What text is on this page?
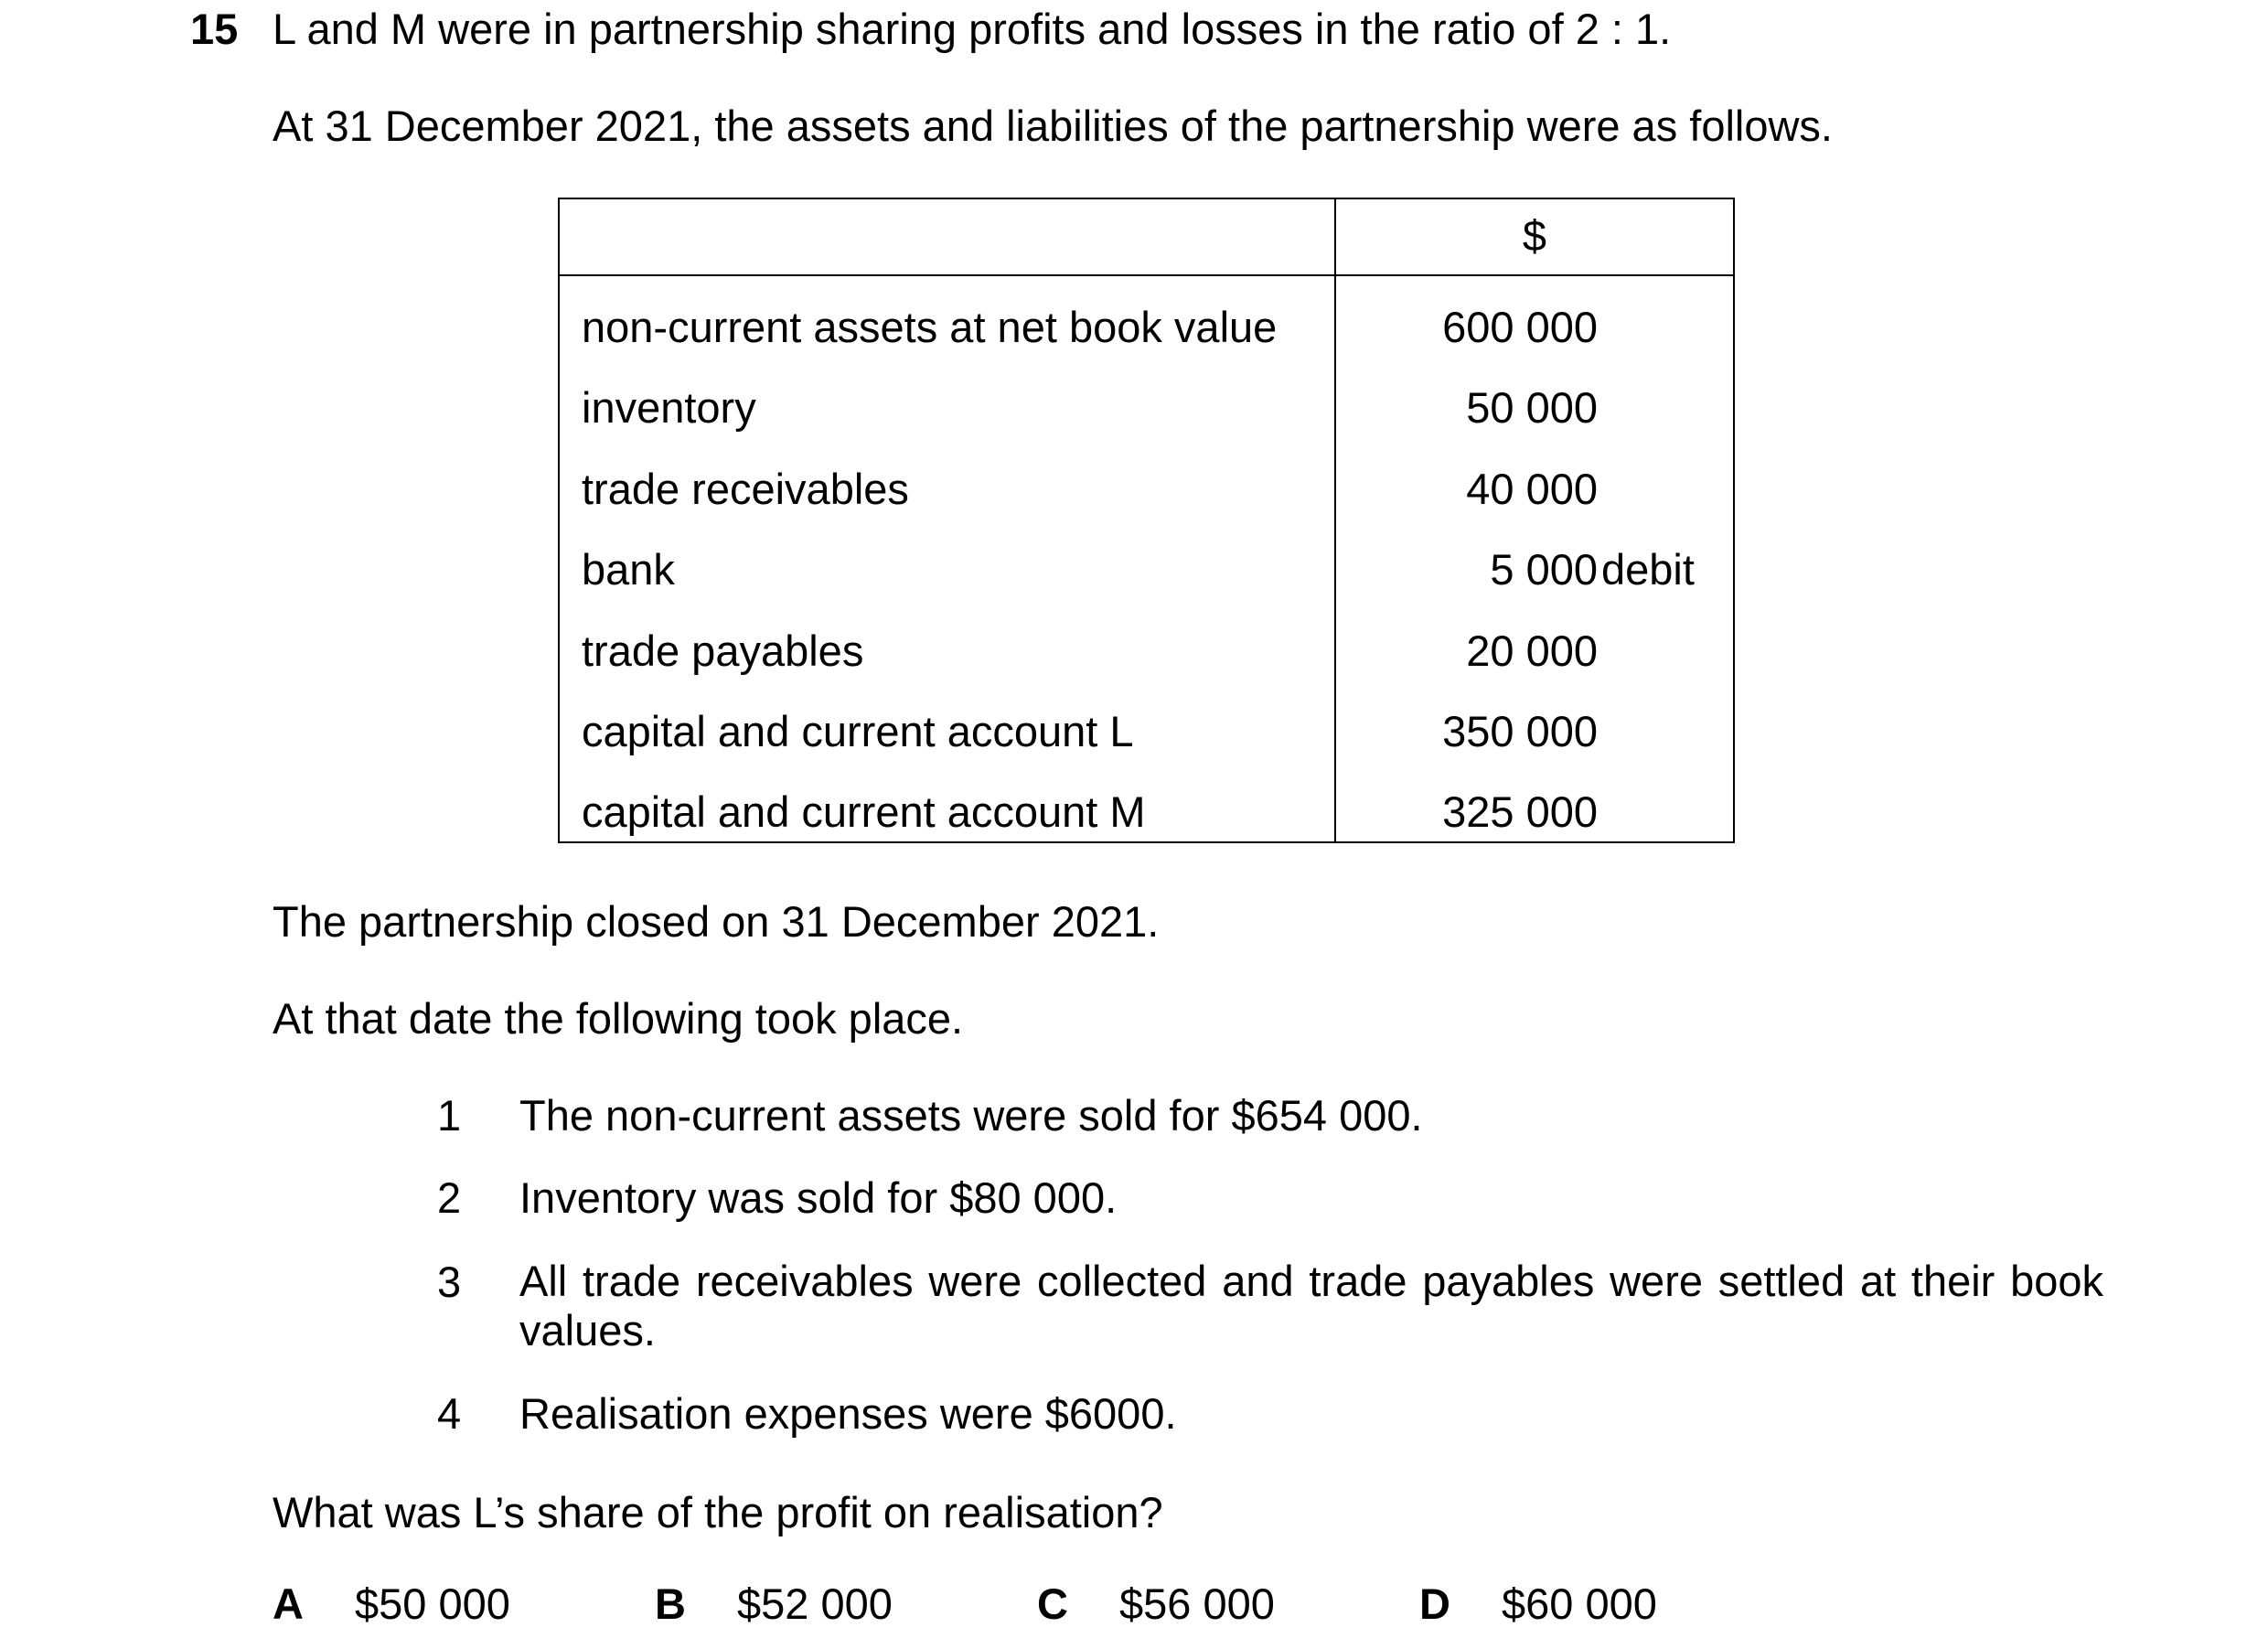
15 L and M were in partnership sharing profits and losses in the ratio of 2 : 1.
At 31 December 2021, the assets and liabilities of the partnership were as follows.
$
non-current assets at net book value	600 000
inventory	50 000
trade receivables	40 000
bank	5 000 debit
trade payables	20 000
capital and current account L	350 000
capital and current account M	325 000
The partnership closed on 31 December 2021.
At that date the following took place.
1 The non-current assets were sold for $654 000.
2 Inventory was sold for $80 000.
3 All trade receivables were collected and trade payables were settled at their book values.
4 Realisation expenses were $6000.
What was L’s share of the profit on realisation?
A $50 000	B $52 000	C $56 000	D $60 000
